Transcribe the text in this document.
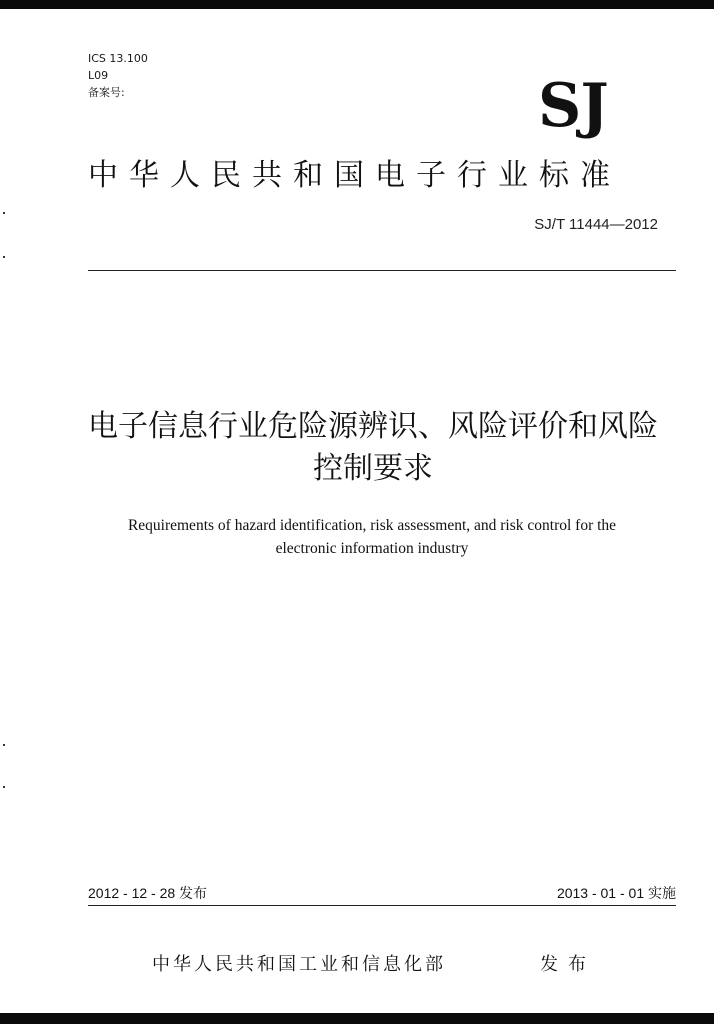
ICS 13.100
L09
备案号:	SJ
中华人民共和国电子行业标准
SJ/T 11444—2012
电子信息行业危险源辨识、风险评价和风险
控制要求
Requirements of hazard identification, risk assessment, and risk control for the
electronic information industry
2012 - 12 - 28 发布	2013 - 01 - 01 实施
中华人民共和国工业和信息化部	发布
